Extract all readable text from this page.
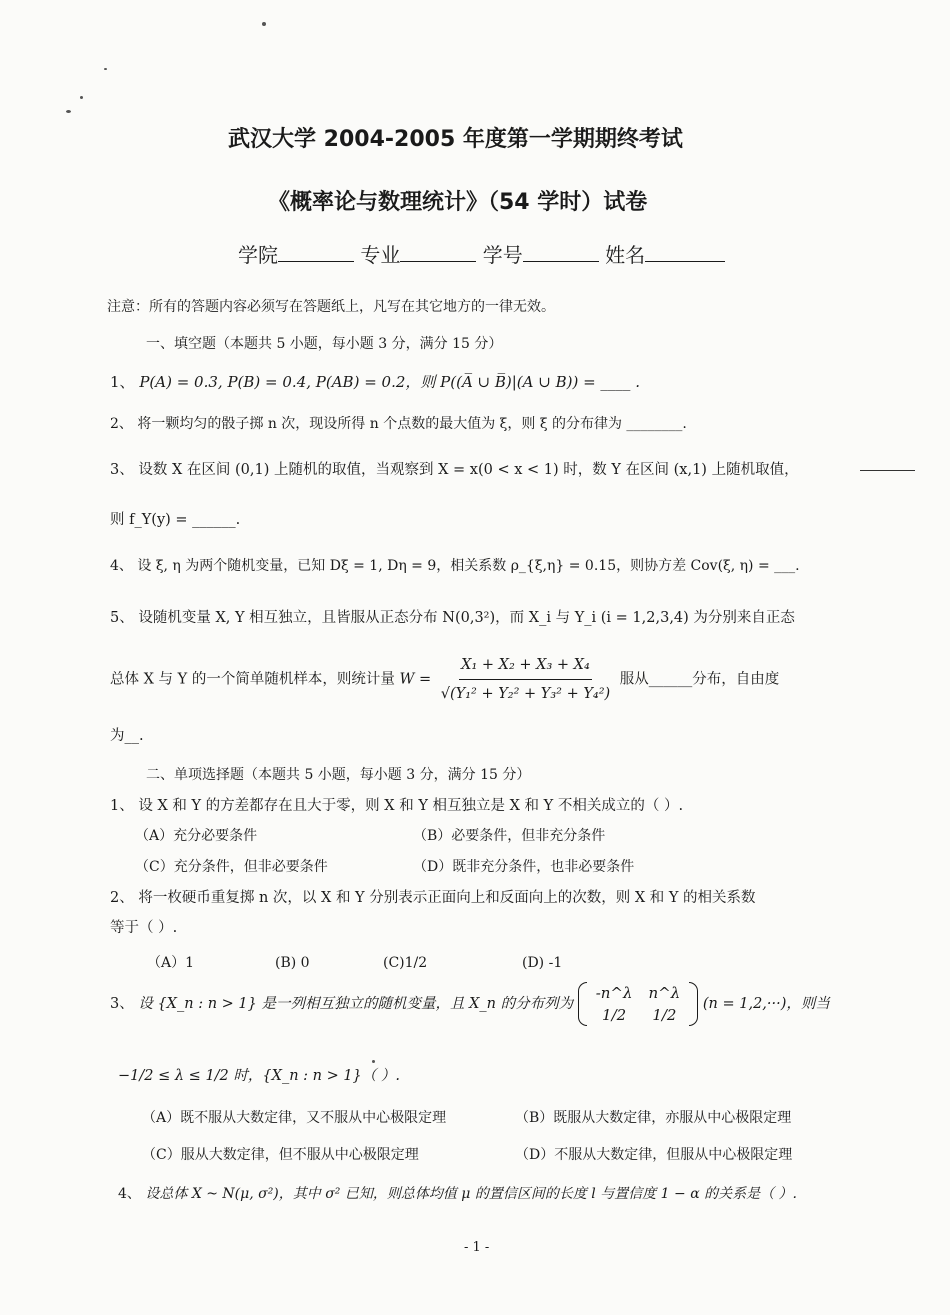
武汉大学 2004-2005 年度第一学期期终考试
《概率论与数理统计》（54 学时）试卷
学院	专业	学号	姓名
注意：所有的答题内容必须写在答题纸上，凡写在其它地方的一律无效。
一、填空题（本题共 5 小题，每小题 3 分，满分 15 分）
1、 P(A) = 0.3, P(B) = 0.4, P(AB) = 0.2，则 P((A̅ ∪ B̅)|(A ∪ B)) = ____ .
2、 将一颗均匀的骰子掷 n 次，现设所得 n 个点数的最大值为 ξ，则 ξ 的分布律为 ________.
3、 设数 X 在区间 (0,1) 上随机的取值，当观察到 X = x(0 < x < 1) 时，数 Y 在区间 (x,1) 上随机取值，
则 f_Y(y) = ______.
4、 设 ξ, η 为两个随机变量，已知 Dξ = 1, Dη = 9，相关系数 ρ_{ξ,η} = 0.15，则协方差 Cov(ξ, η) = ___.
5、 设随机变量 X, Y 相互独立，且皆服从正态分布 N(0,3²)，而 X_i 与 Y_i (i = 1,2,3,4) 为分别来自正态
总体 X 与 Y 的一个简单随机样本，则统计量 $W = \frac{\text{X₁ + X₂ + X₃ + X₄}}{\text{√(Y₁² + Y₂² + Y₃² + Y₄²)}}$ 服从______分布，自由度
为__.
二、单项选择题（本题共 5 小题，每小题 3 分，满分 15 分）
1、 设 X 和 Y 的方差都存在且大于零，则 X 和 Y 相互独立是 X 和 Y 不相关成立的（ ）.
（A）充分必要条件	（B）必要条件，但非充分条件
（C）充分条件，但非必要条件	（D）既非充分条件，也非必要条件
2、 将一枚硬币重复掷 n 次，以 X 和 Y 分别表示正面向上和反面向上的次数，则 X 和 Y 的相关系数
等于（ ）.
（A）1	(B) 0	(C)1/2	(D) -1
3、 设 {X_n : n > 1} 是一列相互独立的随机变量，且 X_n 的分布列为
-n^λ	n^λ
1/2	1/2
(n = 1,2,···)，则当
−1/2 ≤ λ ≤ 1/2 时，{X_n : n > 1}（ ）.
（A）既不服从大数定律，又不服从中心极限定理	（B）既服从大数定律，亦服从中心极限定理
（C）服从大数定律，但不服从中心极限定理	（D）不服从大数定律，但服从中心极限定理
4、 设总体 X ~ N(μ, σ²)，其中 σ² 已知，则总体均值 μ 的置信区间的长度 l 与置信度 1 − α 的关系是（ ）.
- 1 -
